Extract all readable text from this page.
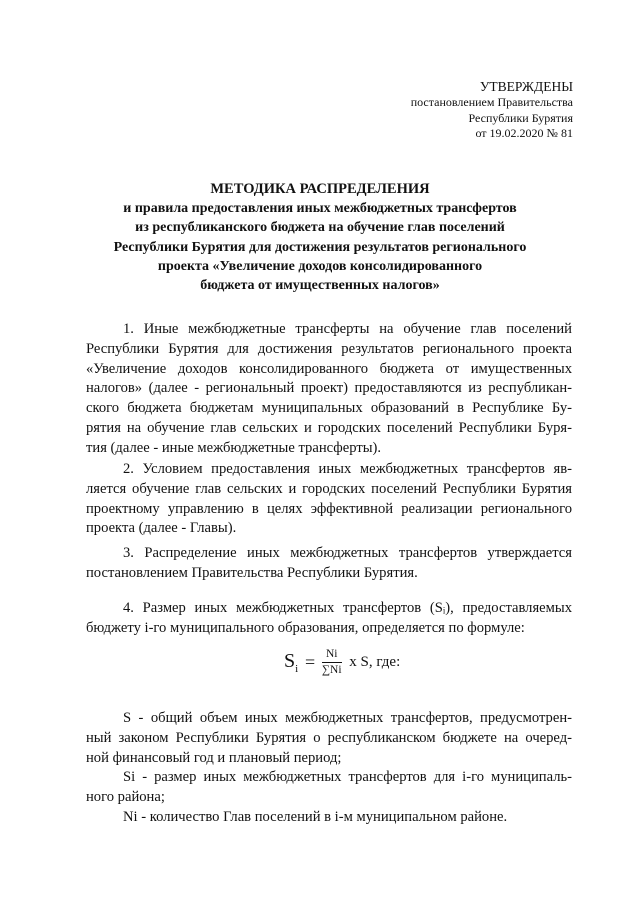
УТВЕРЖДЕНЫ
постановлением Правительства
Республики Бурятия
от 19.02.2020 № 81
МЕТОДИКА РАСПРЕДЕЛЕНИЯ
и правила предоставления иных межбюджетных трансфертов
из республиканского бюджета на обучение глав поселений
Республики Бурятия для достижения результатов регионального
проекта «Увеличение доходов консолидированного
бюджета от имущественных налогов»
1. Иные межбюджетные трансферты на обучение глав поселений
Республики Бурятия для достижения результатов регионального проекта
«Увеличение доходов консолидированного бюджета от имущественных
налогов» (далее - региональный проект) предоставляются из республикан-
ского бюджета бюджетам муниципальных образований в Республике Бу-
рятия на обучение глав сельских и городских поселений Республики Буря-
тия (далее - иные межбюджетные трансферты).
2. Условием предоставления иных межбюджетных трансфертов яв-
ляется обучение глав сельских и городских поселений Республики Бурятия
проектному управлению в целях эффективной реализации регионального
проекта (далее - Главы).
3. Распределение иных межбюджетных трансфертов утверждается
постановлением Правительства Республики Бурятия.
4. Размер иных межбюджетных трансфертов (Sᵢ), предоставляемых
бюджету i-го муниципального образования, определяется по формуле:
$S_i = \frac{Ni}{\sum Ni}$ x S, где:
S - общий объем иных межбюджетных трансфертов, предусмотрен-
ный законом Республики Бурятия о республиканском бюджете на очеред-
ной финансовый год и плановый период;
Si - размер иных межбюджетных трансфертов для i-го муниципаль-
ного района;
Ni - количество Глав поселений в i-м муниципальном районе.
